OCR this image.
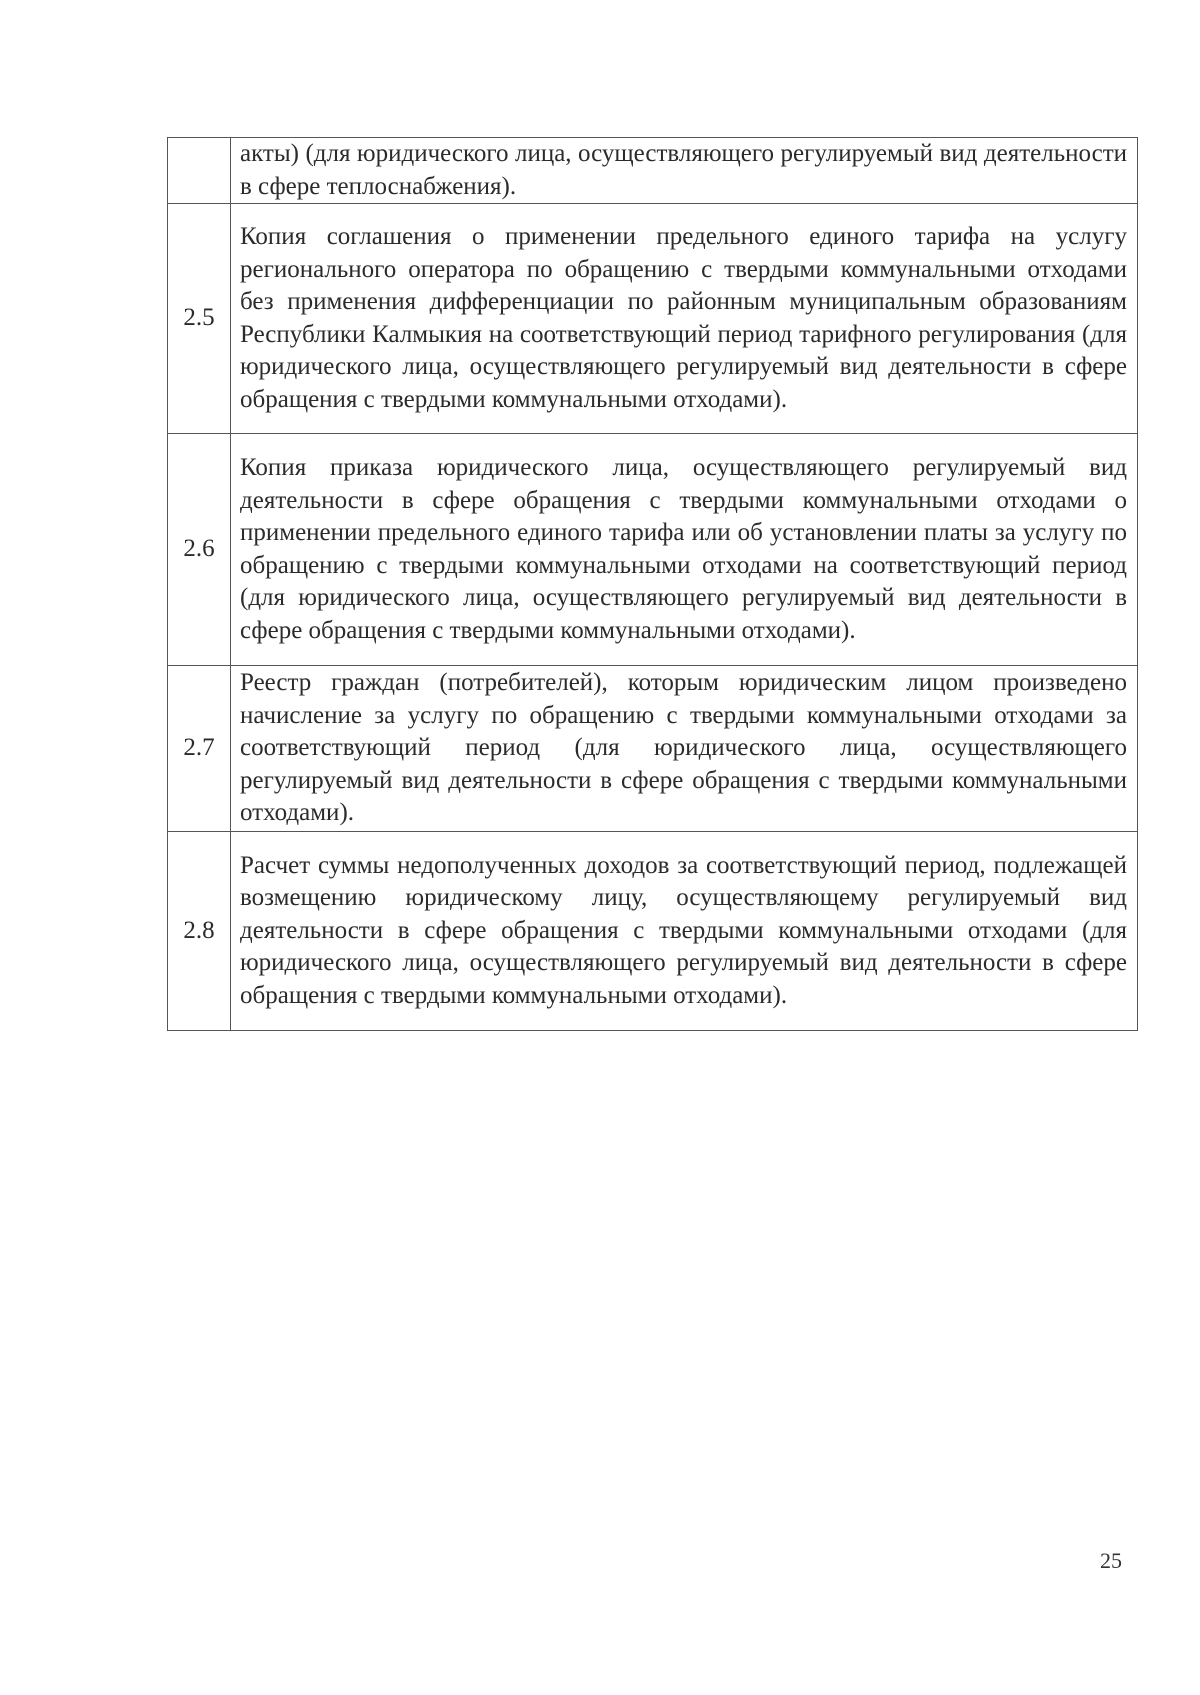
	акты) (для юридического лица, осуществляющего регулируемый вид деятельности в сфере теплоснабжения).
2.5	Копия соглашения о применении предельного единого тарифа на услугу регионального оператора по обращению с твердыми коммунальными отходами без применения дифференциации по районным муниципальным образованиям Республики Калмыкия на соответствующий период тарифного регулирования (для юридического лица, осуществляющего регулируемый вид деятельности в сфере обращения с твердыми коммунальными отходами).
2.6	Копия приказа юридического лица, осуществляющего регулируемый вид деятельности в сфере обращения с твердыми коммунальными отходами о применении предельного единого тарифа или об установлении платы за услугу по обращению с твердыми коммунальными отходами на соответствующий период (для юридического лица, осуществляющего регулируемый вид деятельности в сфере обращения с твердыми коммунальными отходами).
2.7	Реестр граждан (потребителей), которым юридическим лицом произведено начисление за услугу по обращению с твердыми коммунальными отходами за соответствующий период (для юридического лица, осуществляющего регулируемый вид деятельности в сфере обращения с твердыми коммунальными отходами).
2.8	Расчет суммы недополученных доходов за соответствующий период, подлежащей возмещению юридическому лицу, осуществляющему регулируемый вид деятельности в сфере обращения с твердыми коммунальными отходами (для юридического лица, осуществляющего регулируемый вид деятельности в сфере обращения с твердыми коммунальными отходами).
25
